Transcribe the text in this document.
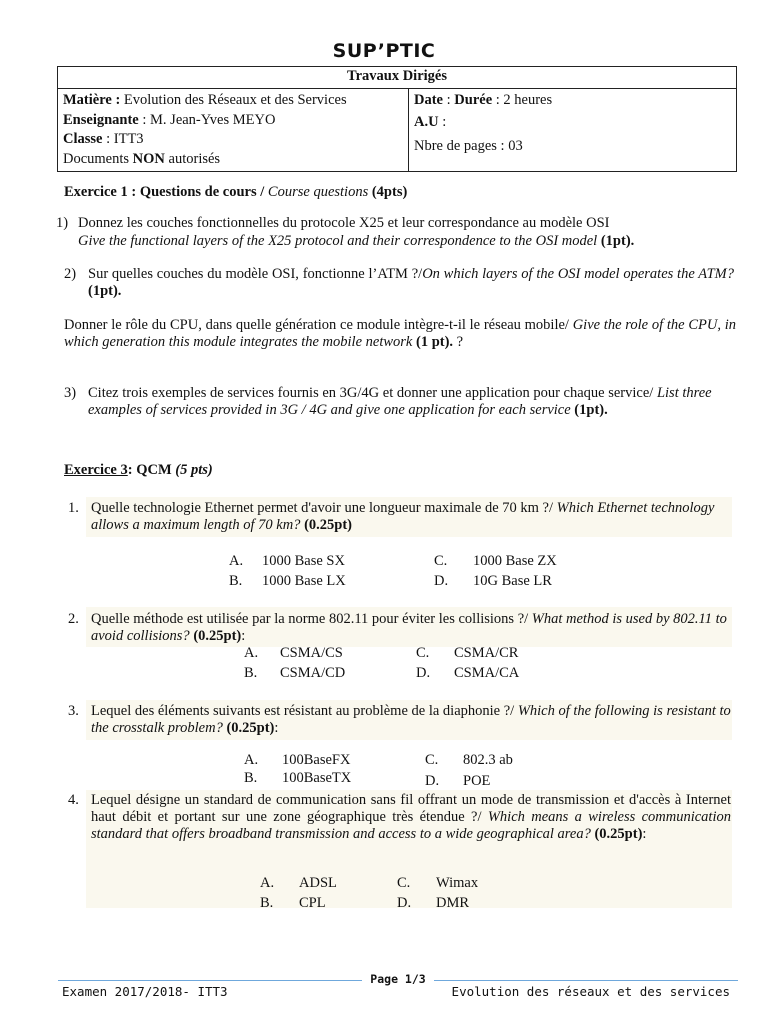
SUP’PTIC
Travaux Dirigés

Matière : Evolution des Réseaux et des Services
Enseignante : M. Jean-Yves MEYO
Classe : ITT3
Documents NON autorisés

Date : Durée : 2 heures
A.U :
Nbre de pages : 03
Exercice 1 : Questions de cours / Course questions (4pts)
1) Donnez les couches fonctionnelles du protocole X25 et leur correspondance au modèle OSI
Give the functional layers of the X25 protocol and their correspondence to the OSI model (1pt).
2) Sur quelles couches du modèle OSI, fonctionne l’ATM ?/On which layers of the OSI model operates the ATM? (1pt).
Donner le rôle du CPU, dans quelle génération ce module intègre-t-il le réseau mobile/ Give the role of the CPU, in which generation this module integrates the mobile network (1 pt). ?
3) Citez trois exemples de services fournis en 3G/4G et donner une application pour chaque service/ List three examples of services provided in 3G / 4G and give one application for each service (1pt).
Exercice 3: QCM (5 pts)
1. Quelle technologie Ethernet permet d'avoir une longueur maximale de 70 km ?/ Which Ethernet technology allows a maximum length of 70 km? (0.25pt)
A. 1000 Base SX	C. 1000 Base ZX
B. 1000 Base LX	D. 10G Base LR
2. Quelle méthode est utilisée par la norme 802.11 pour éviter les collisions ?/ What method is used by 802.11 to avoid collisions? (0.25pt):
A. CSMA/CS	C. CSMA/CR
B. CSMA/CD	D. CSMA/CA
3. Lequel des éléments suivants est résistant au problème de la diaphonie ?/ Which of the following is resistant to the crosstalk problem? (0.25pt):
A. 100BaseFX	C. 802.3 ab
B. 100BaseTX	D. POE
4. Lequel désigne un standard de communication sans fil offrant un mode de transmission et d'accès à Internet haut débit et portant sur une zone géographique très étendue ?/ Which means a wireless communication standard that offers broadband transmission and access to a wide geographical area? (0.25pt):
A. ADSL	C. Wimax
B. CPL	D. DMR
Page 1/3
Examen 2017/2018- ITT3	Evolution des réseaux et des services
